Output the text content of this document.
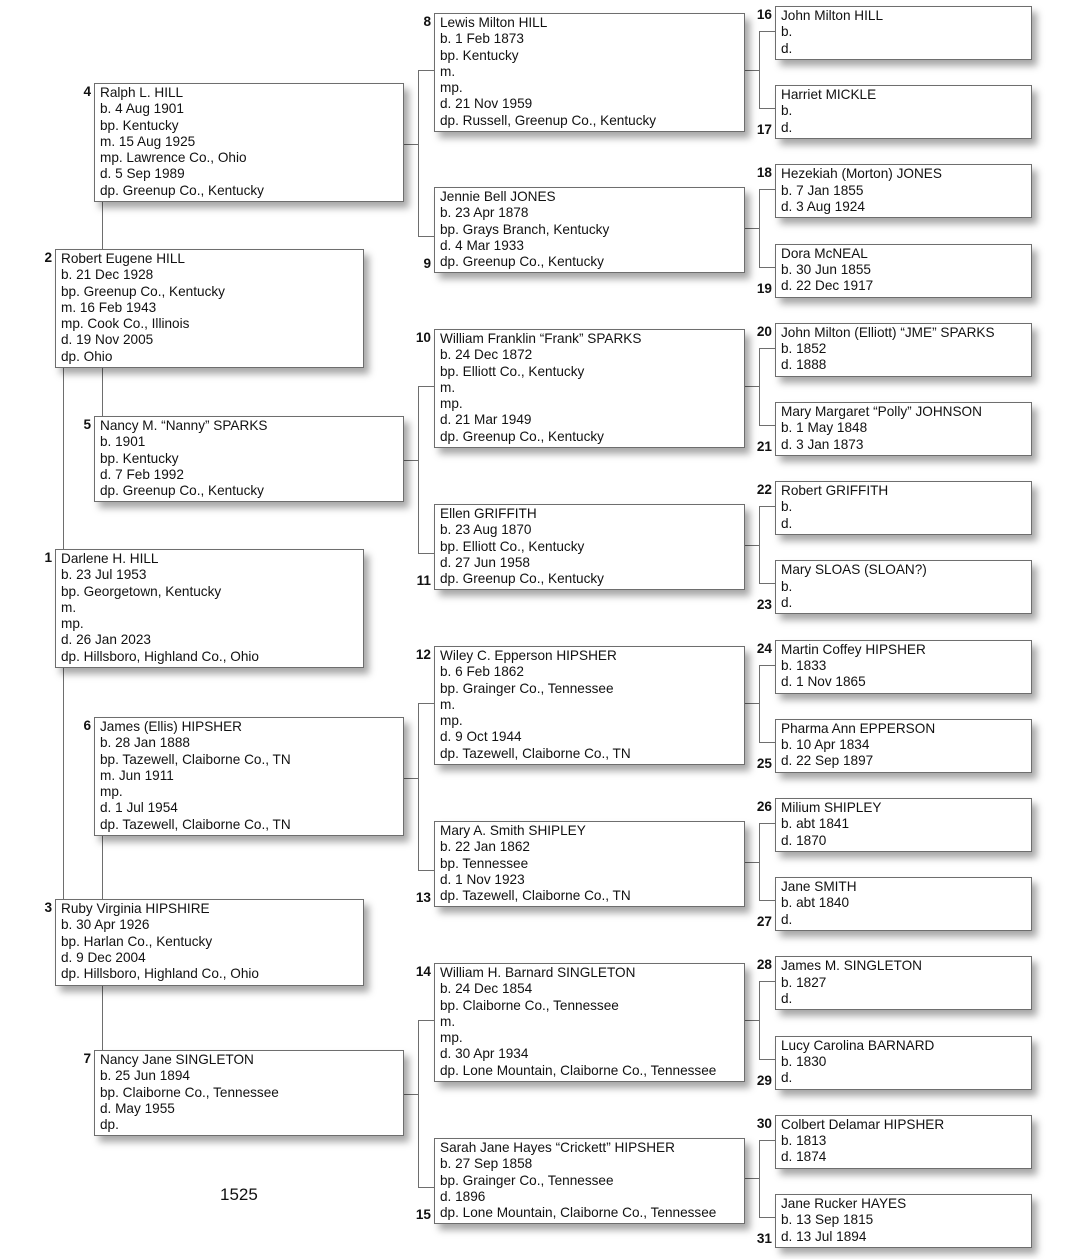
Darlene H. HILL
b. 23 Jul 1953
bp. Georgetown, Kentucky
m.
mp.
d. 26 Jan 2023
dp. Hillsboro, Highland Co., Ohio
1
Robert Eugene HILL
b. 21 Dec 1928
bp. Greenup Co., Kentucky
m. 16 Feb 1943
mp. Cook Co., Illinois
d. 19 Nov 2005
dp. Ohio
2
Ruby Virginia HIPSHIRE
b. 30 Apr 1926
bp. Harlan Co., Kentucky
d. 9 Dec 2004
dp. Hillsboro, Highland Co., Ohio
3
Ralph L. HILL
b. 4 Aug 1901
bp. Kentucky
m. 15 Aug 1925
mp. Lawrence Co., Ohio
d. 5 Sep 1989
dp. Greenup Co., Kentucky
4
Nancy M. “Nanny” SPARKS
b. 1901
bp. Kentucky
d. 7 Feb 1992
dp. Greenup Co., Kentucky
5
James (Ellis) HIPSHER
b. 28 Jan 1888
bp. Tazewell, Claiborne Co., TN
m. Jun 1911
mp.
d. 1 Jul 1954
dp. Tazewell, Claiborne Co., TN
6
Nancy Jane SINGLETON
b. 25 Jun 1894
bp. Claiborne Co., Tennessee
d. May 1955
dp.
7
Lewis Milton HILL
b. 1 Feb 1873
bp. Kentucky
m.
mp.
d. 21 Nov 1959
dp. Russell, Greenup Co., Kentucky
8
Jennie Bell JONES
b. 23 Apr 1878
bp. Grays Branch, Kentucky
d. 4 Mar 1933
dp. Greenup Co., Kentucky
9
William Franklin “Frank” SPARKS
b. 24 Dec 1872
bp. Elliott Co., Kentucky
m.
mp.
d. 21 Mar 1949
dp. Greenup Co., Kentucky
10
Ellen GRIFFITH
b. 23 Aug 1870
bp. Elliott Co., Kentucky
d. 27 Jun 1958
dp. Greenup Co., Kentucky
11
Wiley C. Epperson HIPSHER
b. 6 Feb 1862
bp. Grainger Co., Tennessee
m.
mp.
d. 9 Oct 1944
dp. Tazewell, Claiborne Co., TN
12
Mary A. Smith SHIPLEY
b. 22 Jan 1862
bp. Tennessee
d. 1 Nov 1923
dp. Tazewell, Claiborne Co., TN
13
William H. Barnard SINGLETON
b. 24 Dec 1854
bp. Claiborne Co., Tennessee
m.
mp.
d. 30 Apr 1934
dp. Lone Mountain, Claiborne Co., Tennessee
14
Sarah Jane Hayes “Crickett” HIPSHER
b. 27 Sep 1858
bp. Grainger Co., Tennessee
d. 1896
dp. Lone Mountain, Claiborne Co., Tennessee
15
John Milton HILL
b.
d.
16
Harriet MICKLE
b.
d.
17
Hezekiah (Morton) JONES
b. 7 Jan 1855
d. 3 Aug 1924
18
Dora McNEAL
b. 30 Jun 1855
d. 22 Dec 1917
19
John Milton (Elliott) “JME” SPARKS
b. 1852
d. 1888
20
Mary Margaret “Polly” JOHNSON
b. 1 May 1848
d. 3 Jan 1873
21
Robert GRIFFITH
b.
d.
22
Mary SLOAS (SLOAN?)
b.
d.
23
Martin Coffey HIPSHER
b. 1833
d. 1 Nov 1865
24
Pharma Ann EPPERSON
b. 10 Apr 1834
d. 22 Sep 1897
25
Milium SHIPLEY
b. abt 1841
d. 1870
26
Jane SMITH
b. abt 1840
d.
27
James M. SINGLETON
b. 1827
d.
28
Lucy Carolina BARNARD
b. 1830
d.
29
Colbert Delamar HIPSHER
b. 1813
d. 1874
30
Jane Rucker HAYES
b. 13 Sep 1815
d. 13 Jul 1894
31
1525
